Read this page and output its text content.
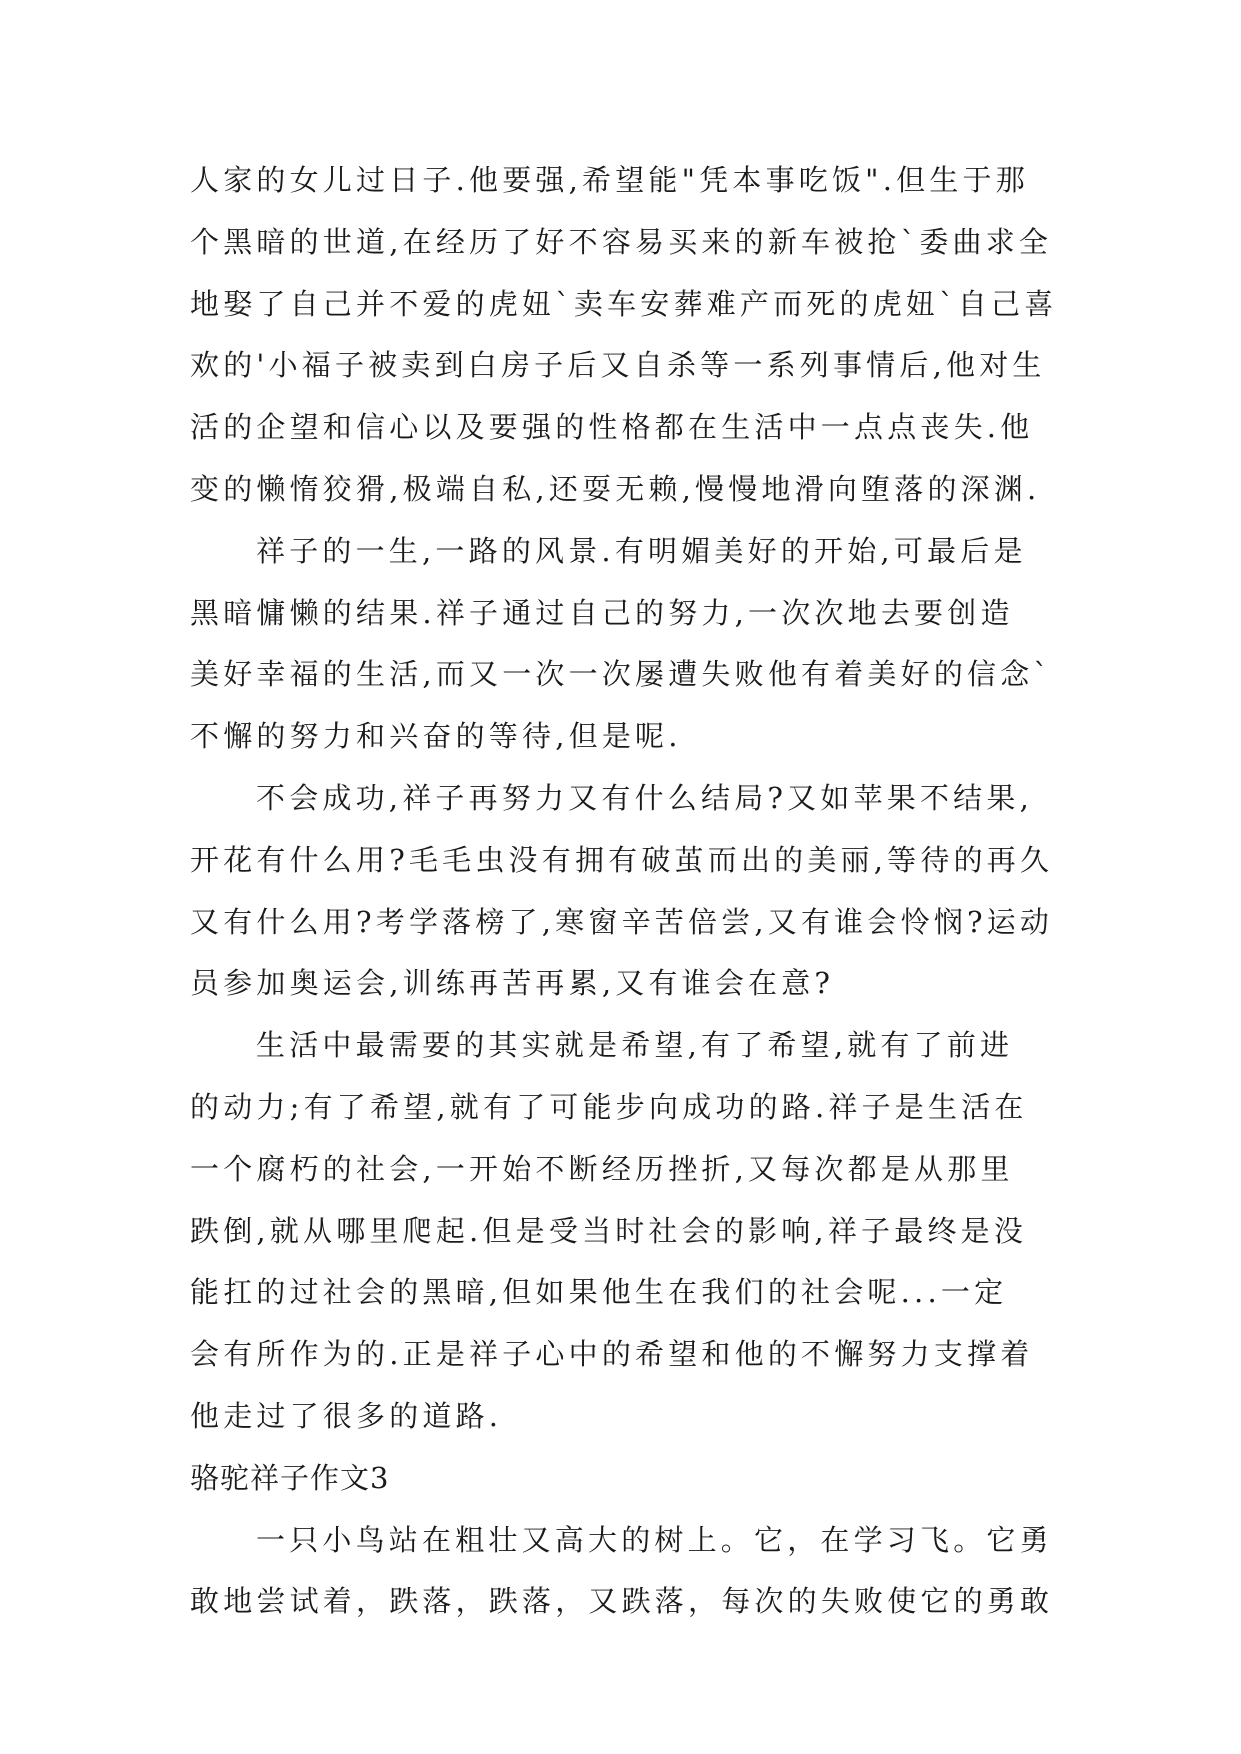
人家的女儿过日子.他要强,希望能"凭本事吃饭".但生于那
个黑暗的世道,在经历了好不容易买来的新车被抢`委曲求全
地娶了自己并不爱的虎妞`卖车安葬难产而死的虎妞`自己喜
欢的'小福子被卖到白房子后又自杀等一系列事情后,他对生
活的企望和信心以及要强的性格都在生活中一点点丧失.他
变的懒惰狡猾,极端自私,还耍无赖,慢慢地滑向堕落的深渊.
祥子的一生,一路的风景.有明媚美好的开始,可最后是
黑暗慵懒的结果.祥子通过自己的努力,一次次地去要创造
美好幸福的生活,而又一次一次屡遭失败他有着美好的信念`
不懈的努力和兴奋的等待,但是呢.
不会成功,祥子再努力又有什么结局?又如苹果不结果,
开花有什么用?毛毛虫没有拥有破茧而出的美丽,等待的再久
又有什么用?考学落榜了,寒窗辛苦倍尝,又有谁会怜悯?运动
员参加奥运会,训练再苦再累,又有谁会在意?
生活中最需要的其实就是希望,有了希望,就有了前进
的动力;有了希望,就有了可能步向成功的路.祥子是生活在
一个腐朽的社会,一开始不断经历挫折,又每次都是从那里
跌倒,就从哪里爬起.但是受当时社会的影响,祥子最终是没
能扛的过社会的黑暗,但如果他生在我们的社会呢...一定
会有所作为的.正是祥子心中的希望和他的不懈努力支撑着
他走过了很多的道路.
骆驼祥子作文3
一只小鸟站在粗壮又高大的树上。它，在学习飞。它勇
敢地尝试着，跌落，跌落，又跌落，每次的失败使它的勇敢
